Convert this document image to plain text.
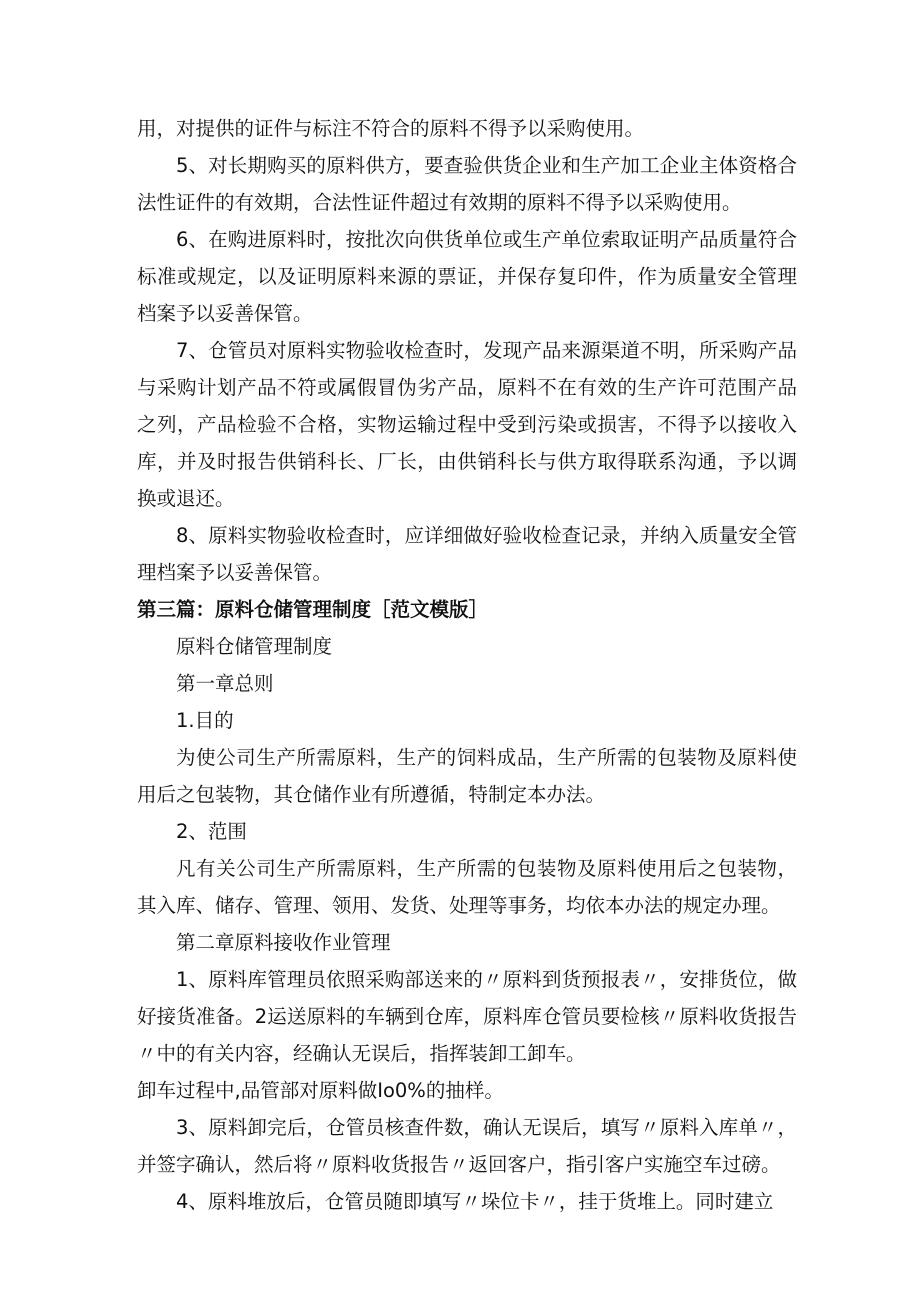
用，对提供的证件与标注不符合的原料不得予以采购使用。

5、对长期购买的原料供方，要查验供货企业和生产加工企业主体资格合法性证件的有效期，合法性证件超过有效期的原料不得予以采购使用。

6、在购进原料时，按批次向供货单位或生产单位索取证明产品质量符合标准或规定，以及证明原料来源的票证，并保存复印件，作为质量安全管理档案予以妥善保管。

7、仓管员对原料实物验收检查时，发现产品来源渠道不明，所采购产品与采购计划产品不符或属假冒伪劣产品，原料不在有效的生产许可范围产品之列，产品检验不合格，实物运输过程中受到污染或损害，不得予以接收入库，并及时报告供销科长、厂长，由供销科长与供方取得联系沟通，予以调换或退还。

8、原料实物验收检查时，应详细做好验收检查记录，并纳入质量安全管理档案予以妥善保管。

第三篇：原料仓储管理制度［范文模版］

原料仓储管理制度

第一章总则

1.目的

为使公司生产所需原料，生产的饲料成品，生产所需的包装物及原料使用后之包装物，其仓储作业有所遵循，特制定本办法。

2、范围

凡有关公司生产所需原料，生产所需的包装物及原料使用后之包装物，其入库、储存、管理、领用、发货、处理等事务，均依本办法的规定办理。

第二章原料接收作业管理

1、原料库管理员依照采购部送来的〃原料到货预报表〃，安排货位，做好接货准备。2运送原料的车辆到仓库，原料库仓管员要检核〃原料收货报告〃中的有关内容，经确认无误后，指挥装卸工卸车。

卸车过程中,品管部对原料做Io0%的抽样。

3、原料卸完后，仓管员核查件数，确认无误后，填写〃原料入库单〃，并签字确认，然后将〃原料收货报告〃返回客户，指引客户实施空车过磅。

4、原料堆放后，仓管员随即填写〃垛位卡〃，挂于货堆上。同时建立
